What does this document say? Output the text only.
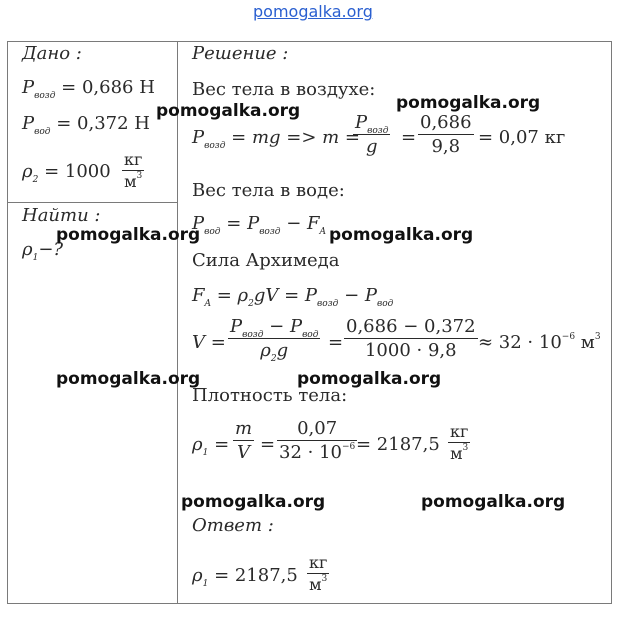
pomogalka.org
Дано :
$P_{возд} = 0,686$ Н
$P_{вод} = 0,372$ Н
$\rho_2 = 1000$
кг
$м^3$
Найти :
$\rho_1-$?
Решение :
Вес тела в воздухе:
$P_{возд}$ = mg => m =
$P_{возд}$
g	=
0,686
9,8 = 0,07 кг
Вес тела в воде:
$P_{вод} = P_{возд} - F_A$
Сила Архимеда
$F_A = \rho_2gV = P_{возд} - P_{вод}$
V =
$P_{возд} - P_{вод}$
$\rho_2g$	=
0,686 − 0,372
1000 · 9,8	≈ $32 \cdot 10^{-6}$ $м^3$
Плотность тела:
$\rho_1$ =
m
V =
0,07
$32 \cdot 10^{-6} = 2187,5$
кг
$м^3$
Ответ :
$\rho_1 = 2187,5$
кг
$м^3$
pomogalka.org	pomogalka.org
pomogalka.org	pomogalka.org
pomogalka.org	pomogalka.org
pomogalka.org	pomogalka.org
